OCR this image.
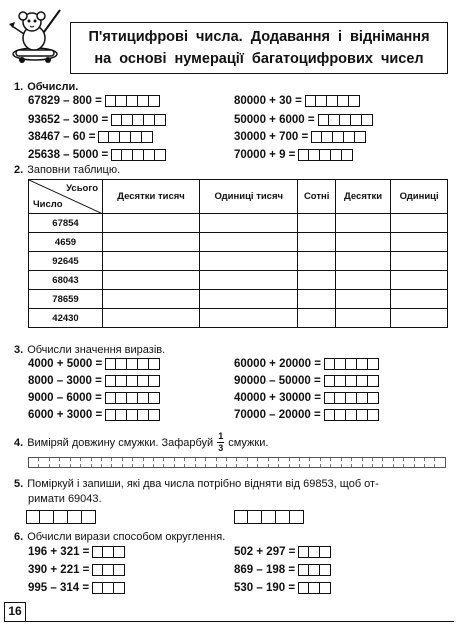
П'ятицифрові числа. Додавання і віднімання
на основі нумерації багатоцифрових чисел
1. Обчисли.
67829 – 800 =
93652 – 3000 =
38467 – 60 =
25638 – 5000 =
80000 + 30 =
50000 + 6000 =
30000 + 700 =
70000 + 9 =
2. Заповни таблицю.
Усього
Число	Десятки тисяч	Одиниці тисяч	Сотні	Десятки	Одиниці
67854					
4659					
92645					
68043					
78659					
42430					
3. Обчисли значення виразів.
4000 + 5000 =
8000 – 3000 =
9000 – 6000 =
6000 + 3000 =
60000 + 20000 =
90000 – 50000 =
40000 + 30000 =
70000 – 20000 =
4. Виміряй довжину смужки. Зафарбуй $\frac{1}{3}$ смужки.
5. Поміркуй і запиши, які два числа потрібно відняти від 69853, щоб от-
римати 69043.
6. Обчисли вирази способом округлення.
196 + 321 =
390 + 221 =
995 – 314 =
502 + 297 =
869 – 198 =
530 – 190 =
16
